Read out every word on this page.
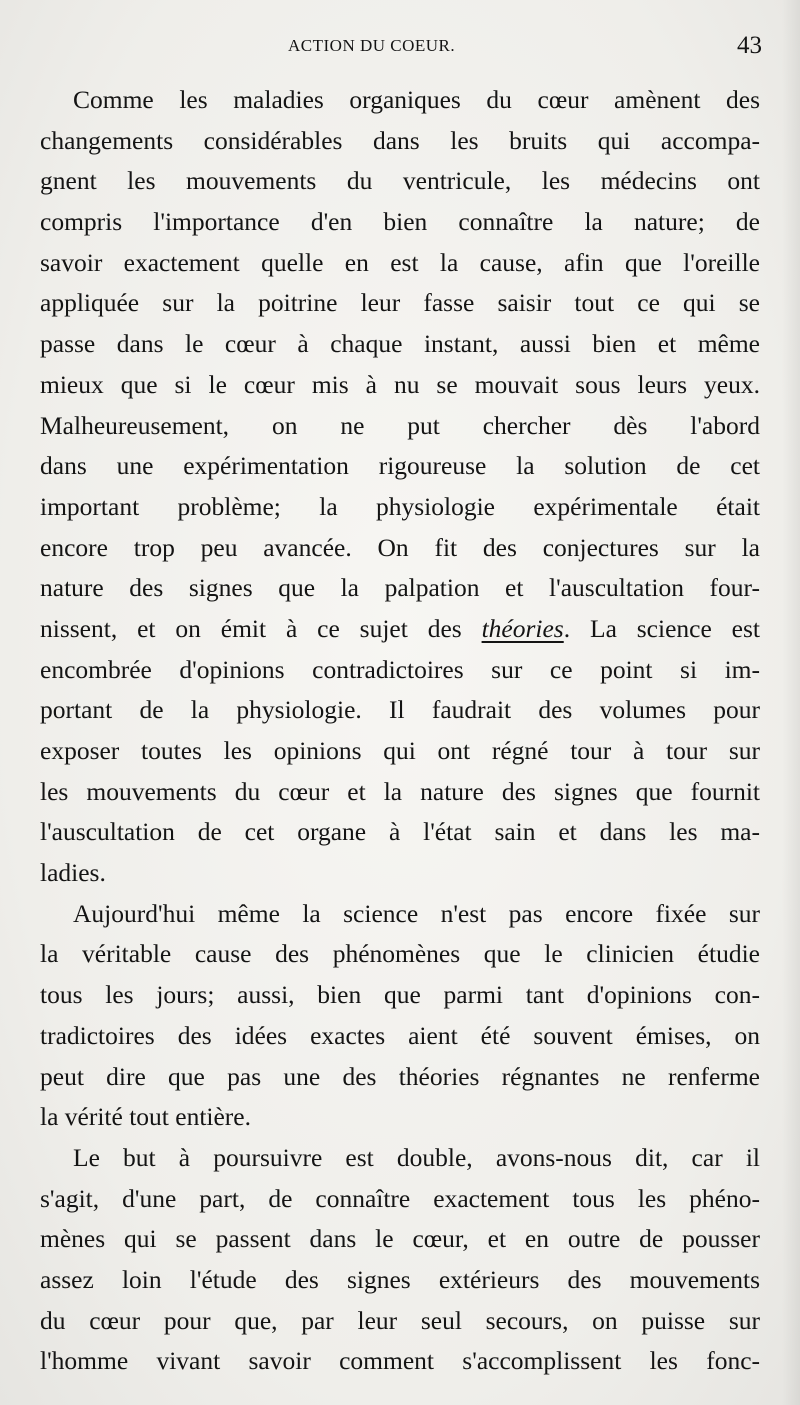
ACTION DU COEUR.	43
Comme les maladies organiques du cœur amènent des
changements considérables dans les bruits qui accompa-
gnent les mouvements du ventricule, les médecins ont
compris l'importance d'en bien connaître la nature; de
savoir exactement quelle en est la cause, afin que l'oreille
appliquée sur la poitrine leur fasse saisir tout ce qui se
passe dans le cœur à chaque instant, aussi bien et même
mieux que si le cœur mis à nu se mouvait sous leurs yeux.
Malheureusement, on ne put chercher dès l'abord
dans une expérimentation rigoureuse la solution de cet
important problème; la physiologie expérimentale était
encore trop peu avancée. On fit des conjectures sur la
nature des signes que la palpation et l'auscultation four-
nissent, et on émit à ce sujet des théories. La science est
encombrée d'opinions contradictoires sur ce point si im-
portant de la physiologie. Il faudrait des volumes pour
exposer toutes les opinions qui ont régné tour à tour sur
les mouvements du cœur et la nature des signes que fournit
l'auscultation de cet organe à l'état sain et dans les ma-
ladies.
Aujourd'hui même la science n'est pas encore fixée sur
la véritable cause des phénomènes que le clinicien étudie
tous les jours; aussi, bien que parmi tant d'opinions con-
tradictoires des idées exactes aient été souvent émises, on
peut dire que pas une des théories régnantes ne renferme
la vérité tout entière.
Le but à poursuivre est double, avons-nous dit, car il
s'agit, d'une part, de connaître exactement tous les phéno-
mènes qui se passent dans le cœur, et en outre de pousser
assez loin l'étude des signes extérieurs des mouvements
du cœur pour que, par leur seul secours, on puisse sur
l'homme vivant savoir comment s'accomplissent les fonc-
